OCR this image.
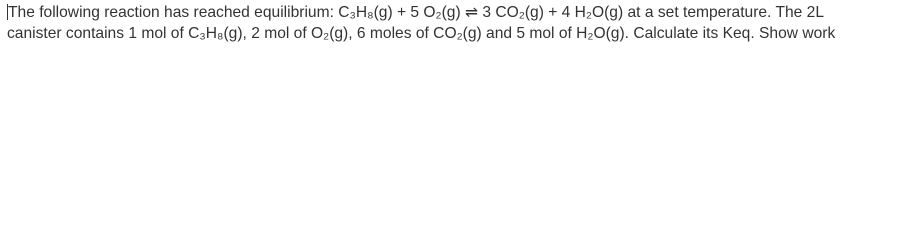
The following reaction has reached equilibrium: C₃H₈(g) + 5 O₂(g) ⇌ 3 CO₂(g) + 4 H₂O(g) at a set temperature. The 2L
canister contains 1 mol of C₃H₈(g), 2 mol of O₂(g), 6 moles of CO₂(g) and 5 mol of H₂O(g). Calculate its Keq. Show work
